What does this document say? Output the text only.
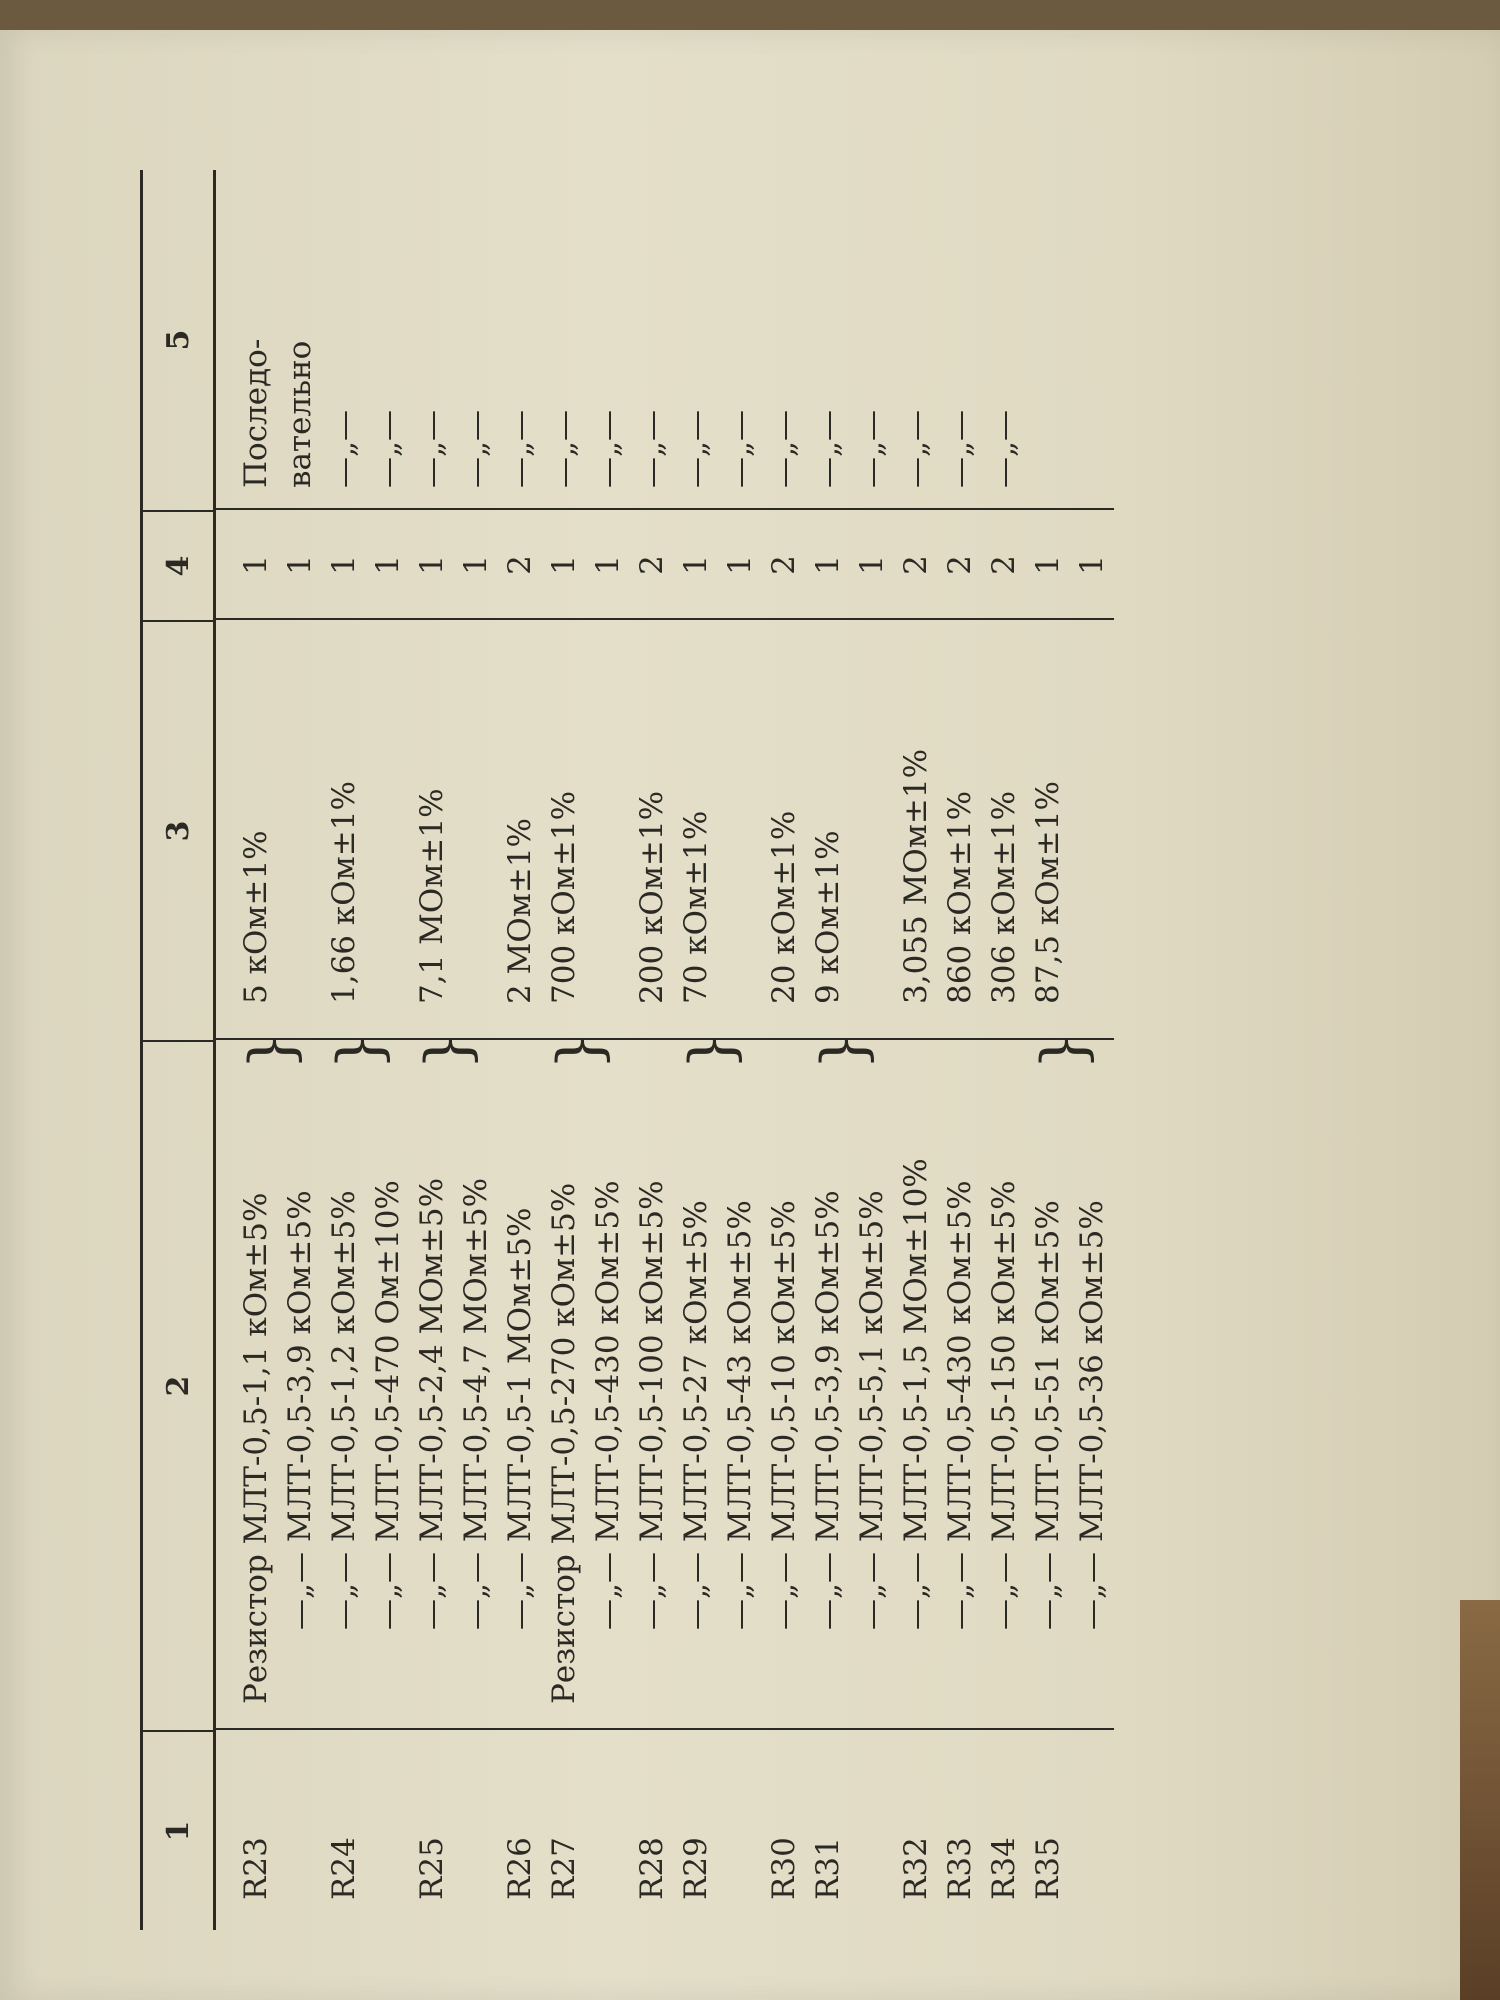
1
2
3
4
5
R23
Резистор МЛТ-0,5-1,1 кОм±5%
5 кОм±1%
1
Последо-
—„— МЛТ-0,5-3,9 кОм±5%
1
вательно
R24
—„— МЛТ-0,5-1,2 кОм±5%
1,66 кОм±1%
1
—„—
—„— МЛТ-0,5-470 Ом±10%
1
—„—
R25
—„— МЛТ-0,5-2,4 МОм±5%
7,1 МОм±1%
1
—„—
—„— МЛТ-0,5-4,7 МОм±5%
1
—„—
R26
—„— МЛТ-0,5-1 МОм±5%
2 МОм±1%
2
—„—
R27
Резистор МЛТ-0,5-270 кОм±5%
700 кОм±1%
1
—„—
—„— МЛТ-0,5-430 кОм±5%
1
—„—
R28
—„— МЛТ-0,5-100 кОм±5%
200 кОм±1%
2
—„—
R29
—„— МЛТ-0,5-27 кОм±5%
70 кОм±1%
1
—„—
—„— МЛТ-0,5-43 кОм±5%
1
—„—
R30
—„— МЛТ-0,5-10 кОм±5%
20 кОм±1%
2
—„—
R31
—„— МЛТ-0,5-3,9 кОм±5%
9 кОм±1%
1
—„—
—„— МЛТ-0,5-5,1 кОм±5%
1
—„—
R32
—„— МЛТ-0,5-1,5 МОм±10%
3,055 МОм±1%
2
—„—
R33
—„— МЛТ-0,5-430 кОм±5%
860 кОм±1%
2
—„—
R34
—„— МЛТ-0,5-150 кОм±5%
306 кОм±1%
2
—„—
R35
—„— МЛТ-0,5-51 кОм±5%
87,5 кОм±1%
1
—„— МЛТ-0,5-36 кОм±5%
1
} } } } } }	}
